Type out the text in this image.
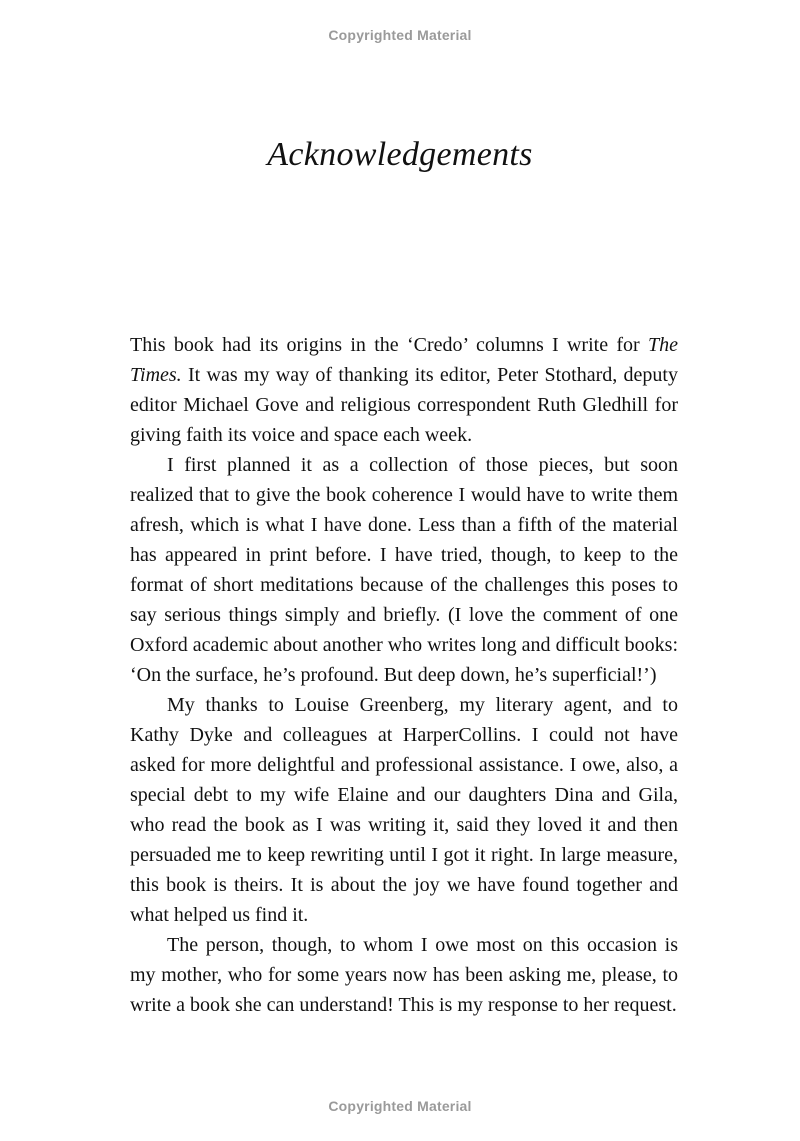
Copyrighted Material
Acknowledgements

This book had its origins in the ‘Credo’ columns I write for The Times. It was my way of thanking its editor, Peter Stothard, deputy editor Michael Gove and religious correspondent Ruth Gledhill for giving faith its voice and space each week.

I first planned it as a collection of those pieces, but soon realized that to give the book coherence I would have to write them afresh, which is what I have done. Less than a fifth of the material has appeared in print before. I have tried, though, to keep to the format of short meditations because of the challenges this poses to say serious things simply and briefly. (I love the comment of one Oxford academic about another who writes long and difficult books: ‘On the surface, he’s profound. But deep down, he’s superficial!’)

My thanks to Louise Greenberg, my literary agent, and to Kathy Dyke and colleagues at HarperCollins. I could not have asked for more delightful and professional assistance. I owe, also, a special debt to my wife Elaine and our daughters Dina and Gila, who read the book as I was writing it, said they loved it and then persuaded me to keep rewriting until I got it right. In large measure, this book is theirs. It is about the joy we have found together and what helped us find it.

The person, though, to whom I owe most on this occasion is my mother, who for some years now has been asking me, please, to write a book she can understand! This is my response to her request.

Copyrighted Material
